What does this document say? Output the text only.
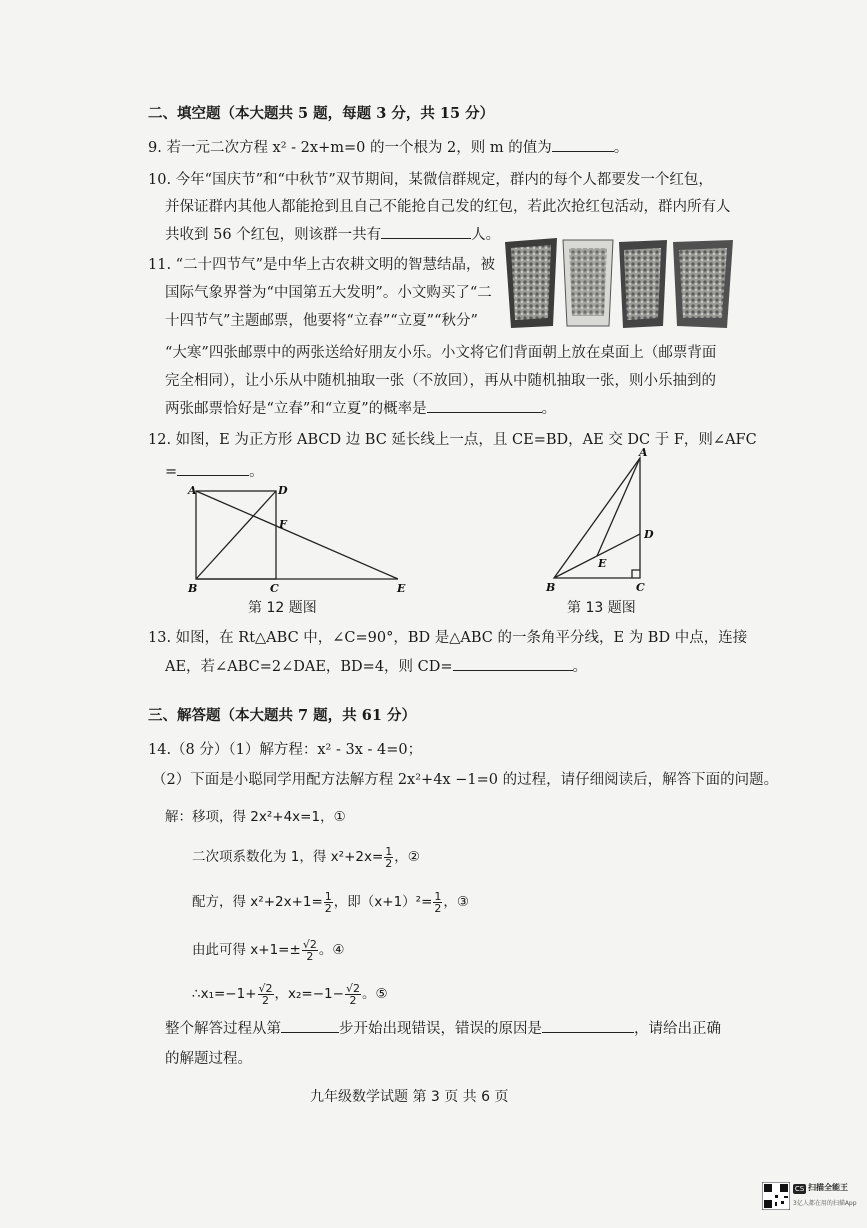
二、填空题（本大题共 5 题，每题 3 分，共 15 分）
9. 若一元二次方程 x² - 2x+m=0 的一个根为 2，则 m 的值为	。
10. 今年“国庆节”和“中秋节”双节期间，某微信群规定，群内的每个人都要发一个红包，
并保证群内其他人都能抢到且自己不能抢自己发的红包，若此次抢红包活动，群内所有人
共收到 56 个红包，则该群一共有	人。
11. “二十四节气”是中华上古农耕文明的智慧结晶，被
国际气象界誉为“中国第五大发明”。小文购买了“二
十四节气”主题邮票，他要将“立春”“立夏”“秋分”
“大寒”四张邮票中的两张送给好朋友小乐。小文将它们背面朝上放在桌面上（邮票背面
完全相同），让小乐从中随机抽取一张（不放回），再从中随机抽取一张，则小乐抽到的
两张邮票恰好是“立春”和“立夏”的概率是	。
12. 如图，E 为正方形 ABCD 边 BC 延长线上一点，且 CE=BD，AE 交 DC 于 F，则∠AFC
=	。
A	D
F
B	C	E
第 12 题图
A
D
E
B	C
第 13 题图
13. 如图，在 Rt△ABC 中，∠C=90°，BD 是△ABC 的一条角平分线，E 为 BD 中点，连接
AE，若∠ABC=2∠DAE，BD=4，则 CD=	。
三、解答题（本大题共 7 题，共 61 分）
14.（8 分）（1）解方程：x² - 3x - 4=0；
（2）下面是小聪同学用配方法解方程 2x²+4x −1=0 的过程，请仔细阅读后，解答下面的问题。
解：移项，得 2x²+4x=1，①
二次项系数化为 1，得 $x^2+2x= \frac{1}{2}$ ，②
配方，得 $x^2+2x+1= \frac{1}{2}$ ，即$(x+1)^2= \frac{1}{2}$ ，③
由此可得 $x+1=\pm \frac{√2}{2}$ 。④
∴x₁=−1+ $\frac{√2}{2}$ ，$x_2=-1- \frac{√2}{2}$ 。⑤
整个解答过程从第	步开始出现错误，错误的原因是	，请给出正确
的解题过程。
九年级数学试题 第 3 页 共 6 页
CS 扫描全能王
3亿人都在用的扫描App
